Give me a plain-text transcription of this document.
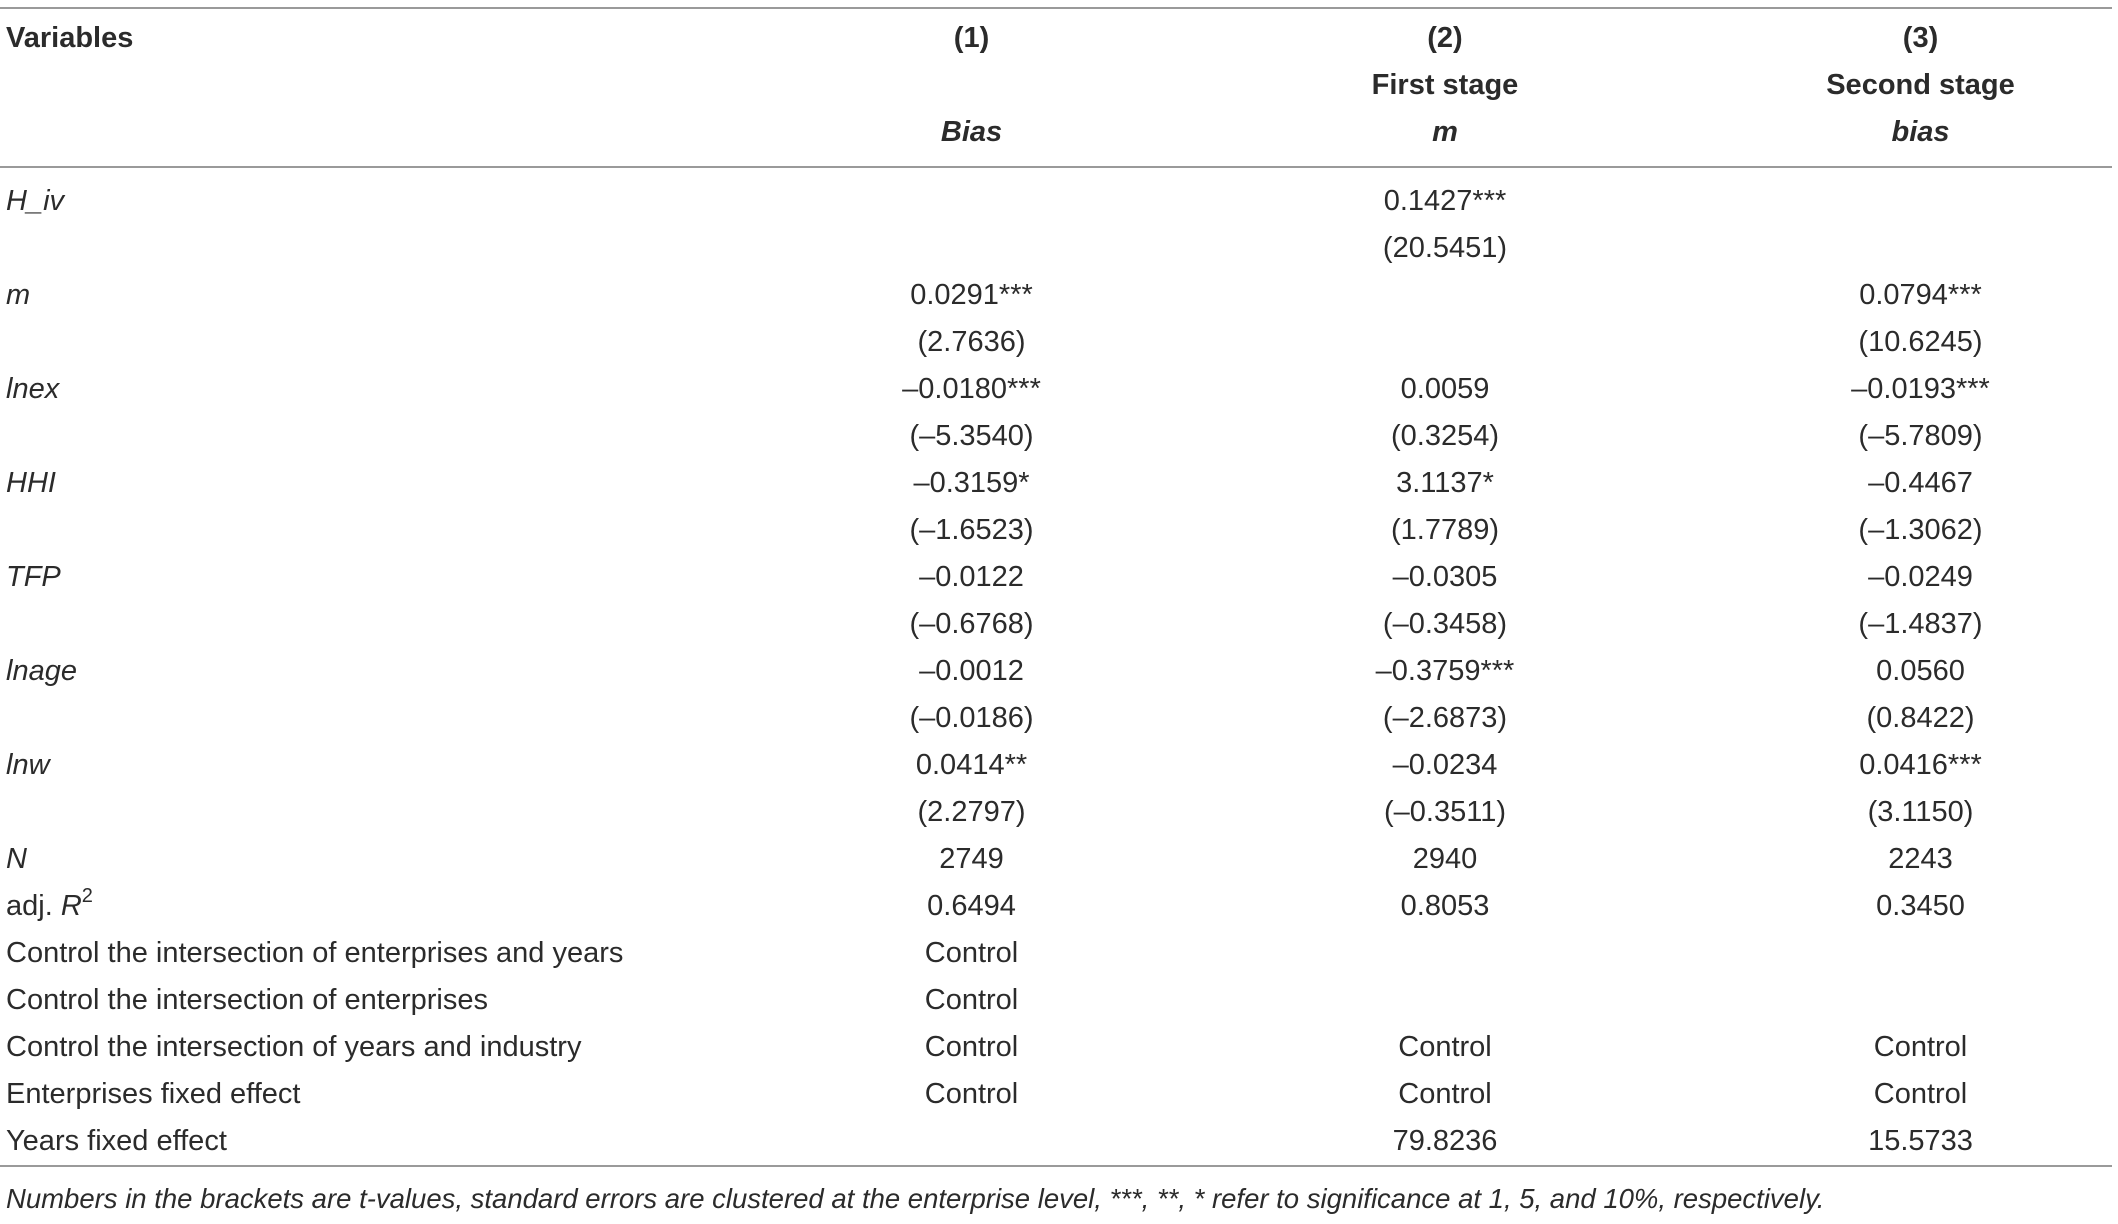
Variables	(1)	(2)	(3)
		First stage	Second stage
	Bias	m	bias
H_iv		0.1427***	
		(20.5451)	
m	0.0291***		0.0794***
	(2.7636)		(10.6245)
lnex	–0.0180***	0.0059	–0.0193***
	(–5.3540)	(0.3254)	(–5.7809)
HHI	–0.3159*	3.1137*	–0.4467
	(–1.6523)	(1.7789)	(–1.3062)
TFP	–0.0122	–0.0305	–0.0249
	(–0.6768)	(–0.3458)	(–1.4837)
lnage	–0.0012	–0.3759***	0.0560
	(–0.0186)	(–2.6873)	(0.8422)
lnw	0.0414**	–0.0234	0.0416***
	(2.2797)	(–0.3511)	(3.1150)
N	2749	2940	2243
adj. $R^2$	0.6494	0.8053	0.3450
Control the intersection of enterprises and years	Control		
Control the intersection of enterprises	Control		
Control the intersection of years and industry	Control	Control	Control
Enterprises fixed effect	Control	Control	Control
Years fixed effect		79.8236	15.5733
Numbers in the brackets are t-values, standard errors are clustered at the enterprise level, ***, **, * refer to significance at 1, 5, and 10%, respectively.			
